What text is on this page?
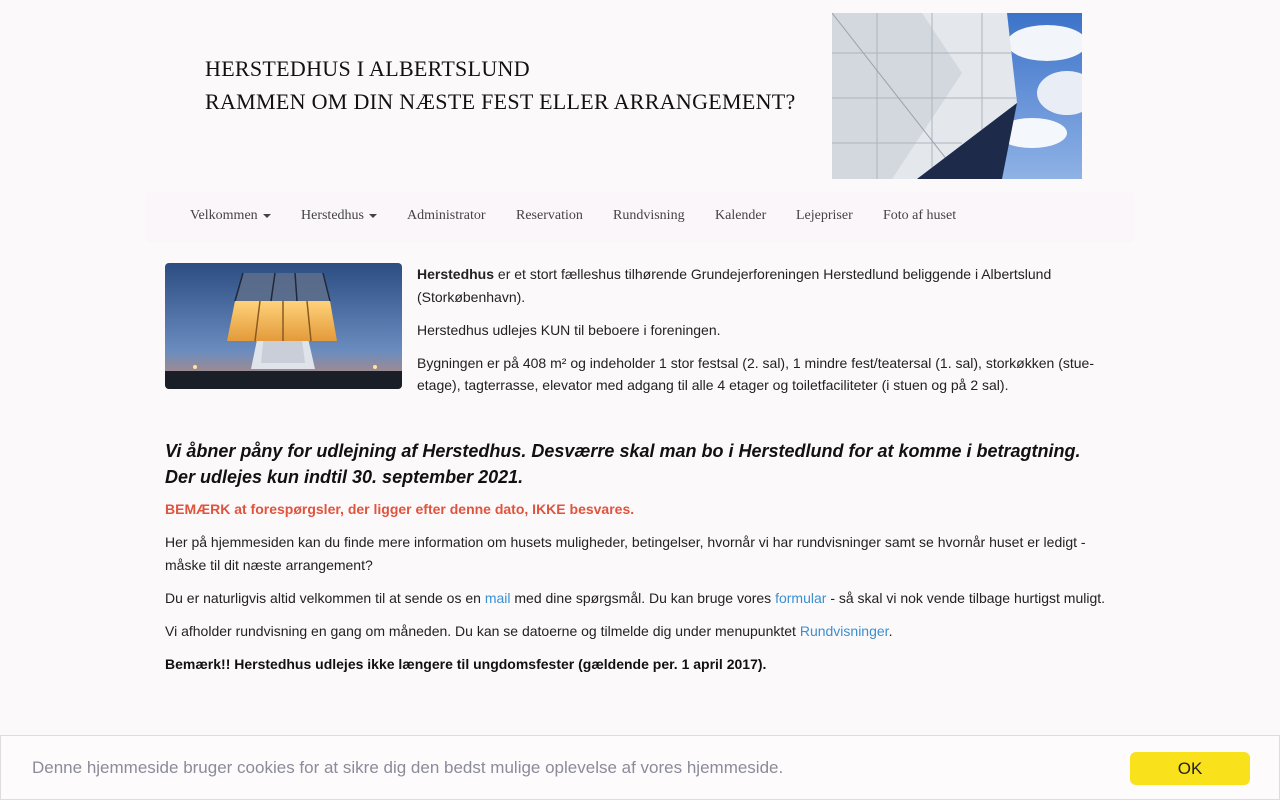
HERSTEDHUS I ALBERTSLUND
RAMMEN OM DIN NÆSTE FEST ELLER ARRANGEMENT?
Velkommen	Herstedhus	Administrator Reservation Rundvisning Kalender Lejepriser Foto af huset

Herstedhus er et stort fælleshus tilhørende Grundejerforeningen Herstedlund beliggende i Albertslund (Storkøbenhavn).

Herstedhus udlejes KUN til beboere i foreningen.

Bygningen er på 408 m² og indeholder 1 stor festsal (2. sal), 1 mindre fest/teatersal (1. sal), storkøkken (stue-etage), tagterrasse, elevator med adgang til alle 4 etager og toiletfaciliteter (i stuen og på 2 sal).

Vi åbner påny for udlejning af Herstedhus. Desværre skal man bo i Herstedlund for at komme i betragtning. Der udlejes kun indtil 30. september 2021.

BEMÆRK at forespørgsler, der ligger efter denne dato, IKKE besvares.

Her på hjemmesiden kan du finde mere information om husets muligheder, betingelser, hvornår vi har rundvisninger samt se hvornår huset er ledigt - måske til dit næste arrangement?

Du er naturligvis altid velkommen til at sende os en mail med dine spørgsmål. Du kan bruge vores formular - så skal vi nok vende tilbage hurtigst muligt.

Vi afholder rundvisning en gang om måneden. Du kan se datoerne og tilmelde dig under menupunktet Rundvisninger.

Bemærk!! Herstedhus udlejes ikke længere til ungdomsfester (gældende per. 1 april 2017).

Denne hjemmeside bruger cookies for at sikre dig den bedst mulige oplevelse af vores hjemmeside.	OK
